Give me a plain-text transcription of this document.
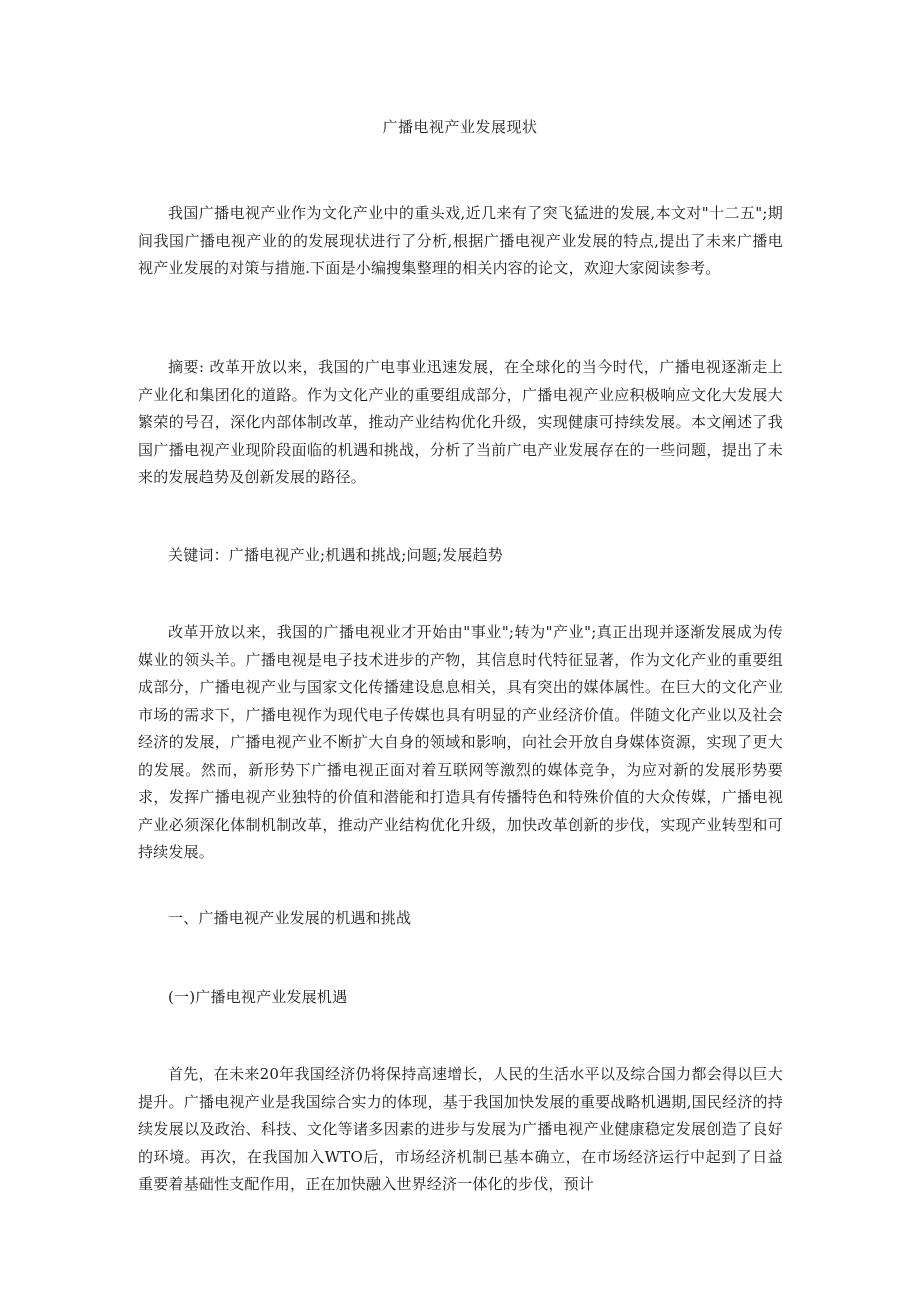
广播电视产业发展现状
我国广播电视产业作为文化产业中的重头戏,近几来有了突飞猛进的发展,本文对"十二五";期间我国广播电视产业的的发展现状进行了分析,根据广播电视产业发展的特点,提出了未来广播电视产业发展的对策与措施.下面是小编搜集整理的相关内容的论文，欢迎大家阅读参考。
摘要: 改革开放以来，我国的广电事业迅速发展，在全球化的当今时代，广播电视逐渐走上产业化和集团化的道路。作为文化产业的重要组成部分，广播电视产业应积极响应文化大发展大繁荣的号召，深化内部体制改革，推动产业结构优化升级，实现健康可持续发展。本文阐述了我国广播电视产业现阶段面临的机遇和挑战，分析了当前广电产业发展存在的一些问题，提出了未来的发展趋势及创新发展的路径。
关键词：广播电视产业;机遇和挑战;问题;发展趋势
改革开放以来，我国的广播电视业才开始由"事业";转为"产业";真正出现并逐渐发展成为传媒业的领头羊。广播电视是电子技术进步的产物，其信息时代特征显著，作为文化产业的重要组成部分，广播电视产业与国家文化传播建设息息相关，具有突出的媒体属性。在巨大的文化产业市场的需求下，广播电视作为现代电子传媒也具有明显的产业经济价值。伴随文化产业以及社会经济的发展，广播电视产业不断扩大自身的领域和影响，向社会开放自身媒体资源，实现了更大的发展。然而，新形势下广播电视正面对着互联网等激烈的媒体竞争，为应对新的发展形势要求，发挥广播电视产业独特的价值和潜能和打造具有传播特色和特殊价值的大众传媒，广播电视产业必须深化体制机制改革，推动产业结构优化升级，加快改革创新的步伐，实现产业转型和可持续发展。
一、广播电视产业发展的机遇和挑战
(一)广播电视产业发展机遇
首先，在未来20年我国经济仍将保持高速增长，人民的生活水平以及综合国力都会得以巨大提升。广播电视产业是我国综合实力的体现，基于我国加快发展的重要战略机遇期,国民经济的持续发展以及政治、科技、文化等诸多因素的进步与发展为广播电视产业健康稳定发展创造了良好的环境。再次，在我国加入WTO后，市场经济机制已基本确立，在市场经济运行中起到了日益重要着基础性支配作用，正在加快融入世界经济一体化的步伐，预计
